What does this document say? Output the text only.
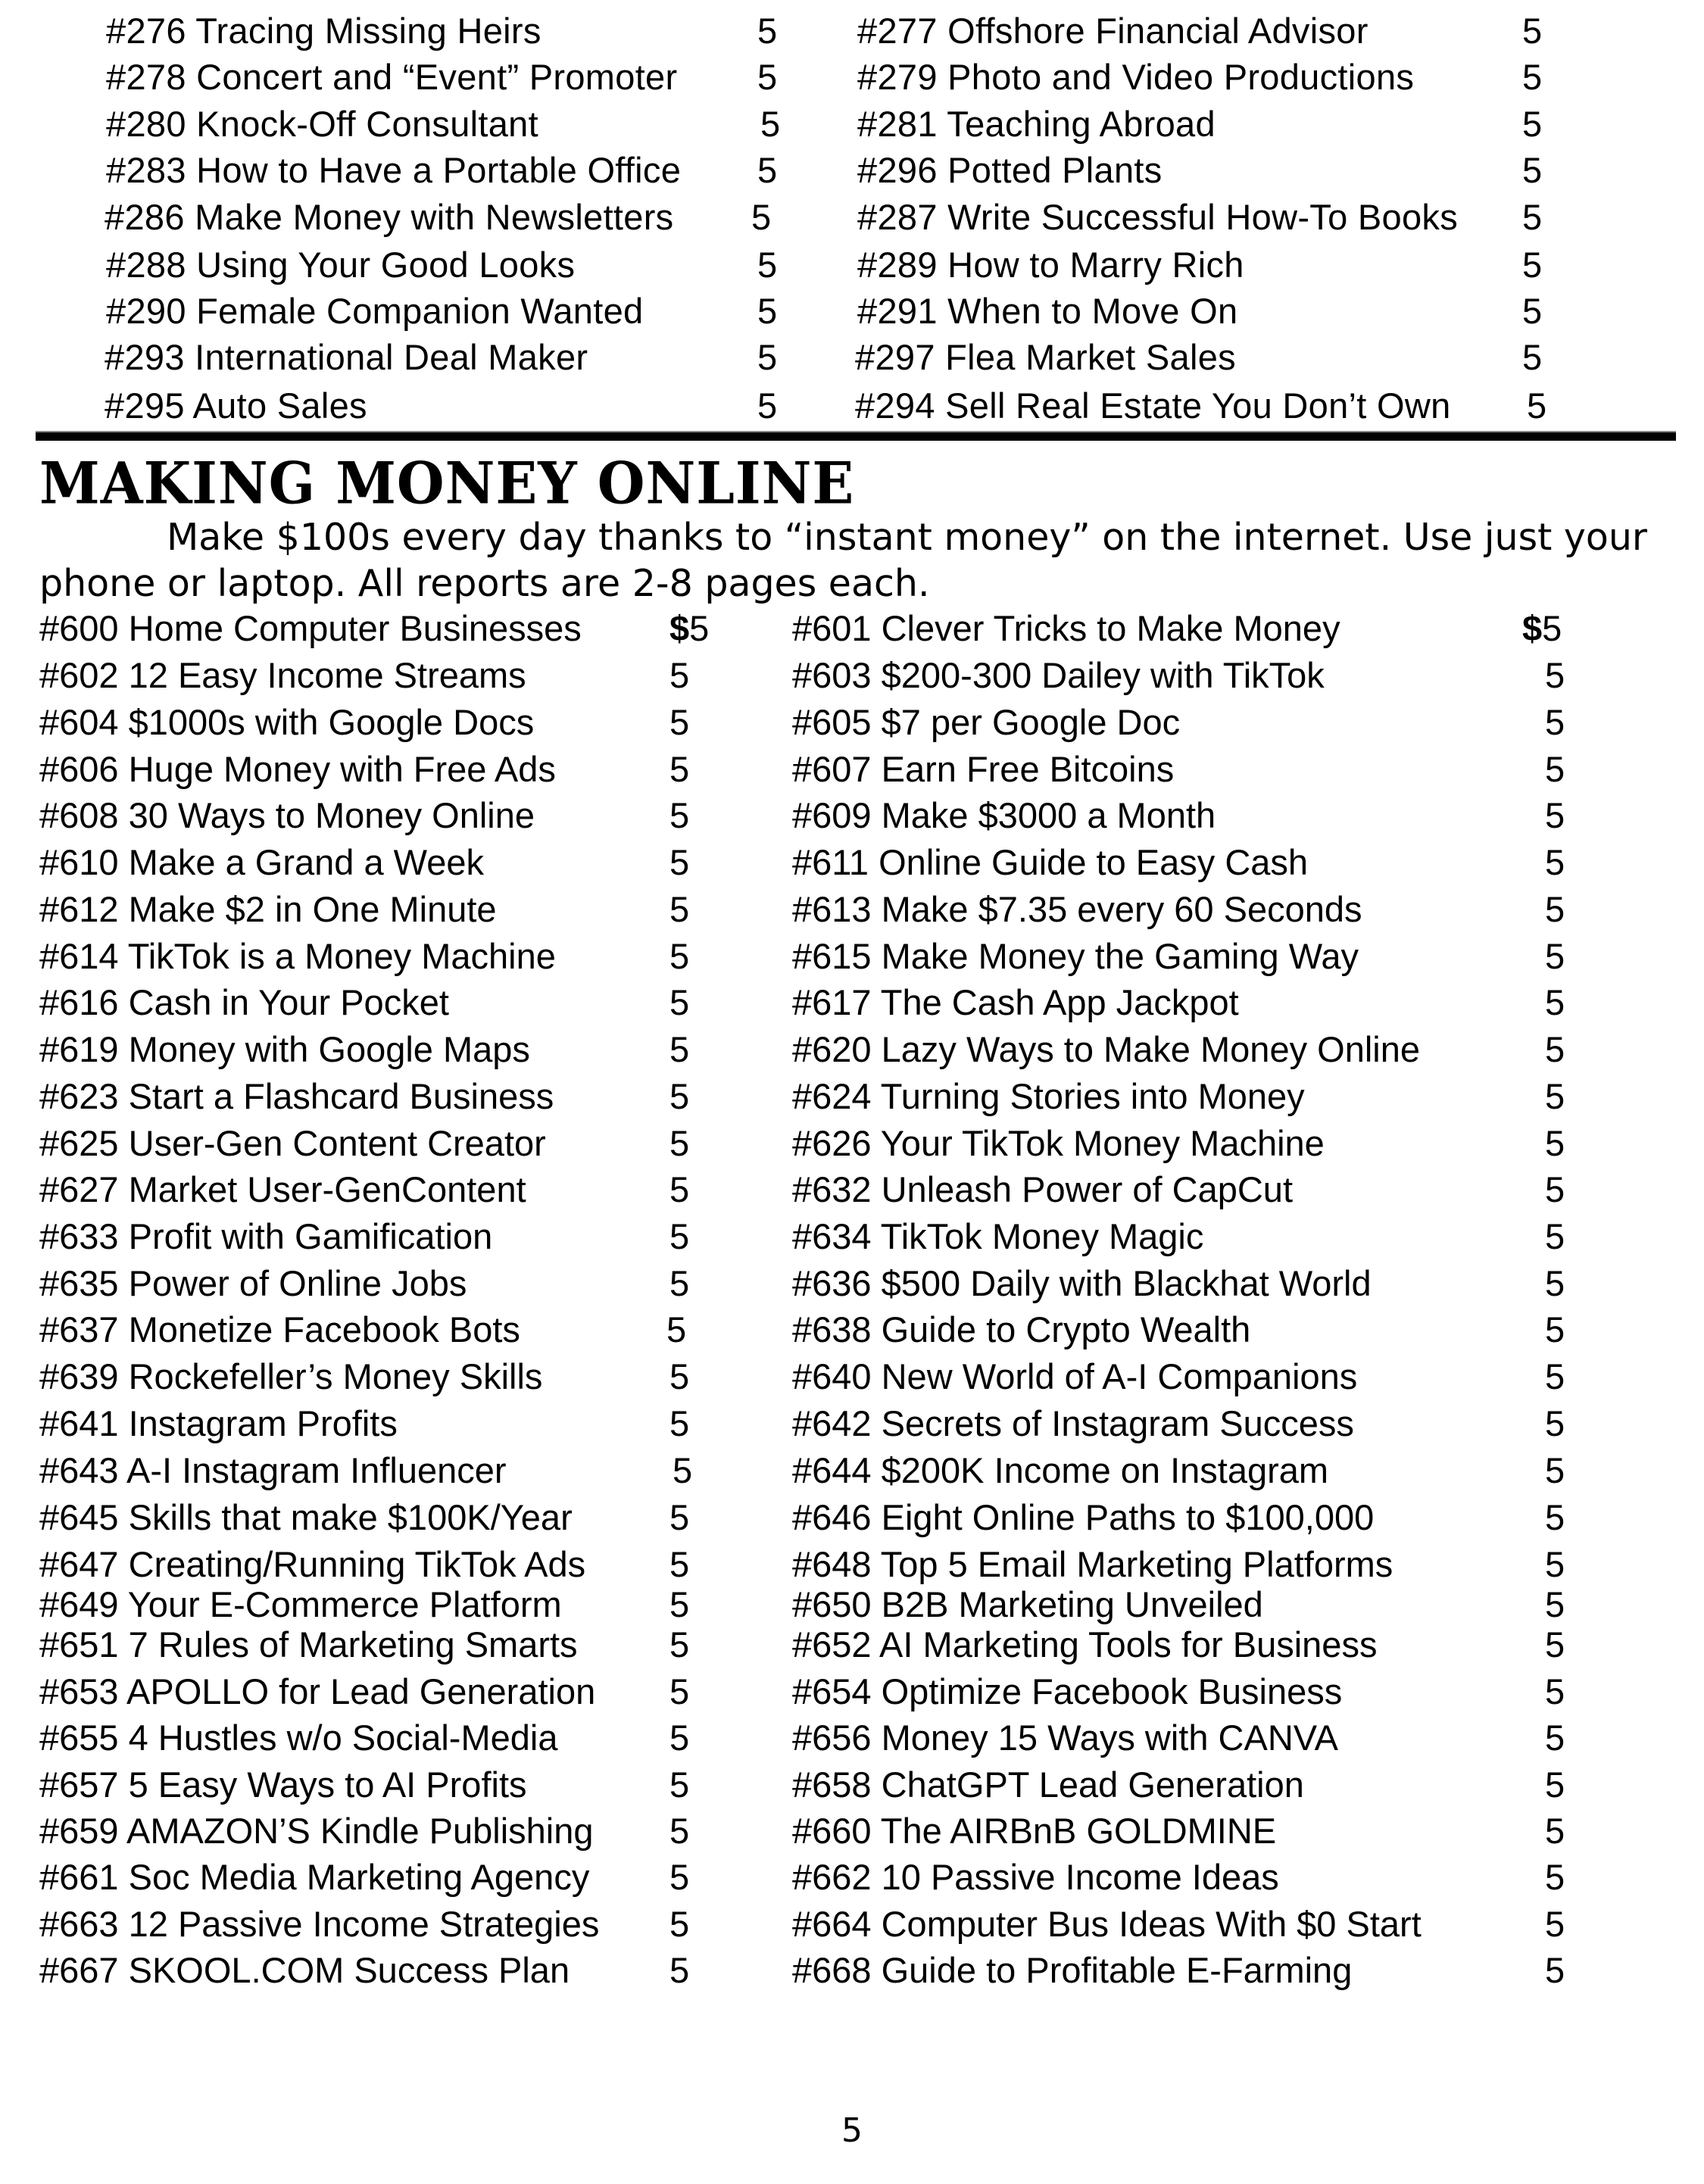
#276 Tracing Missing Heirs	5 #277 Offshore Financial Advisor	5
#278 Concert and “Event” Promoter 5 #279 Photo and Video Productions	5
#280 Knock-Off Consultant	5 #281 Teaching Abroad	5
#283 How to Have a Portable Office 5 #296 Potted Plants	5
#286 Make Money with Newsletters 5 #287 Write Successful How-To Books 5
#288 Using Your Good Looks	5 #289 How to Marry Rich	5
#290 Female Companion Wanted	5 #291 When to Move On	5
#293 International Deal Maker	5 #297 Flea Market Sales	5
#295 Auto Sales	5 #294 Sell Real Estate You Don’t Own 5
MAKING MONEY ONLINE
Make $100s every day thanks to “instant money” on the internet. Use just your
phone or laptop. All reports are 2-8 pages each.
#600 Home Computer Businesses $5 #601 Clever Tricks to Make Money	$5
#602 12 Easy Income Streams	5	#603 $200-300 Dailey with TikTok	5
#604 $1000s with Google Docs	5	#605 $7 per Google Doc	5
#606 Huge Money with Free Ads	5	#607 Earn Free Bitcoins	5
#608 30 Ways to Money Online	5	#609 Make $3000 a Month	5
#610 Make a Grand a Week	5	#611 Online Guide to Easy Cash	5
#612 Make $2 in One Minute	5	#613 Make $7.35 every 60 Seconds	5
#614 TikTok is a Money Machine	5	#615 Make Money the Gaming Way	5
#616 Cash in Your Pocket	5	#617 The Cash App Jackpot	5
#619 Money with Google Maps	5	#620 Lazy Ways to Make Money Online	5
#623 Start a Flashcard Business	5	#624 Turning Stories into Money	5
#625 User-Gen Content Creator	5	#626 Your TikTok Money Machine	5
#627 Market User-GenContent	5	#632 Unleash Power of CapCut	5
#633 Profit with Gamification	5	#634 TikTok Money Magic	5
#635 Power of Online Jobs	5	#636 $500 Daily with Blackhat World	5
#637 Monetize Facebook Bots	5	#638 Guide to Crypto Wealth	5
#639 Rockefeller’s Money Skills	5	#640 New World of A-I Companions	5
#641 Instagram Profits	5	#642 Secrets of Instagram Success	5
#643 A-I Instagram Influencer	5	#644 $200K Income on Instagram	5
#645 Skills that make $100K/Year	5	#646 Eight Online Paths to $100,000	5
#647 Creating/Running TikTok Ads 5	#648 Top 5 Email Marketing Platforms	5
#649 Your E-Commerce Platform	5	#650 B2B Marketing Unveiled	5
#651 7 Rules of Marketing Smarts	5	#652 AI Marketing Tools for Business	5
#653 APOLLO for Lead Generation 5	#654 Optimize Facebook Business	5
#655 4 Hustles w/o Social-Media	5	#656 Money 15 Ways with CANVA	5
#657 5 Easy Ways to AI Profits	5	#658 ChatGPT Lead Generation	5
#659 AMAZON’S Kindle Publishing 5	#660 The AIRBnB GOLDMINE	5
#661 Soc Media Marketing Agency 5	#662 10 Passive Income Ideas	5
#663 12 Passive Income Strategies 5	#664 Computer Bus Ideas With $0 Start	5
#667 SKOOL.COM Success Plan	5	#668 Guide to Profitable E-Farming	5
5
